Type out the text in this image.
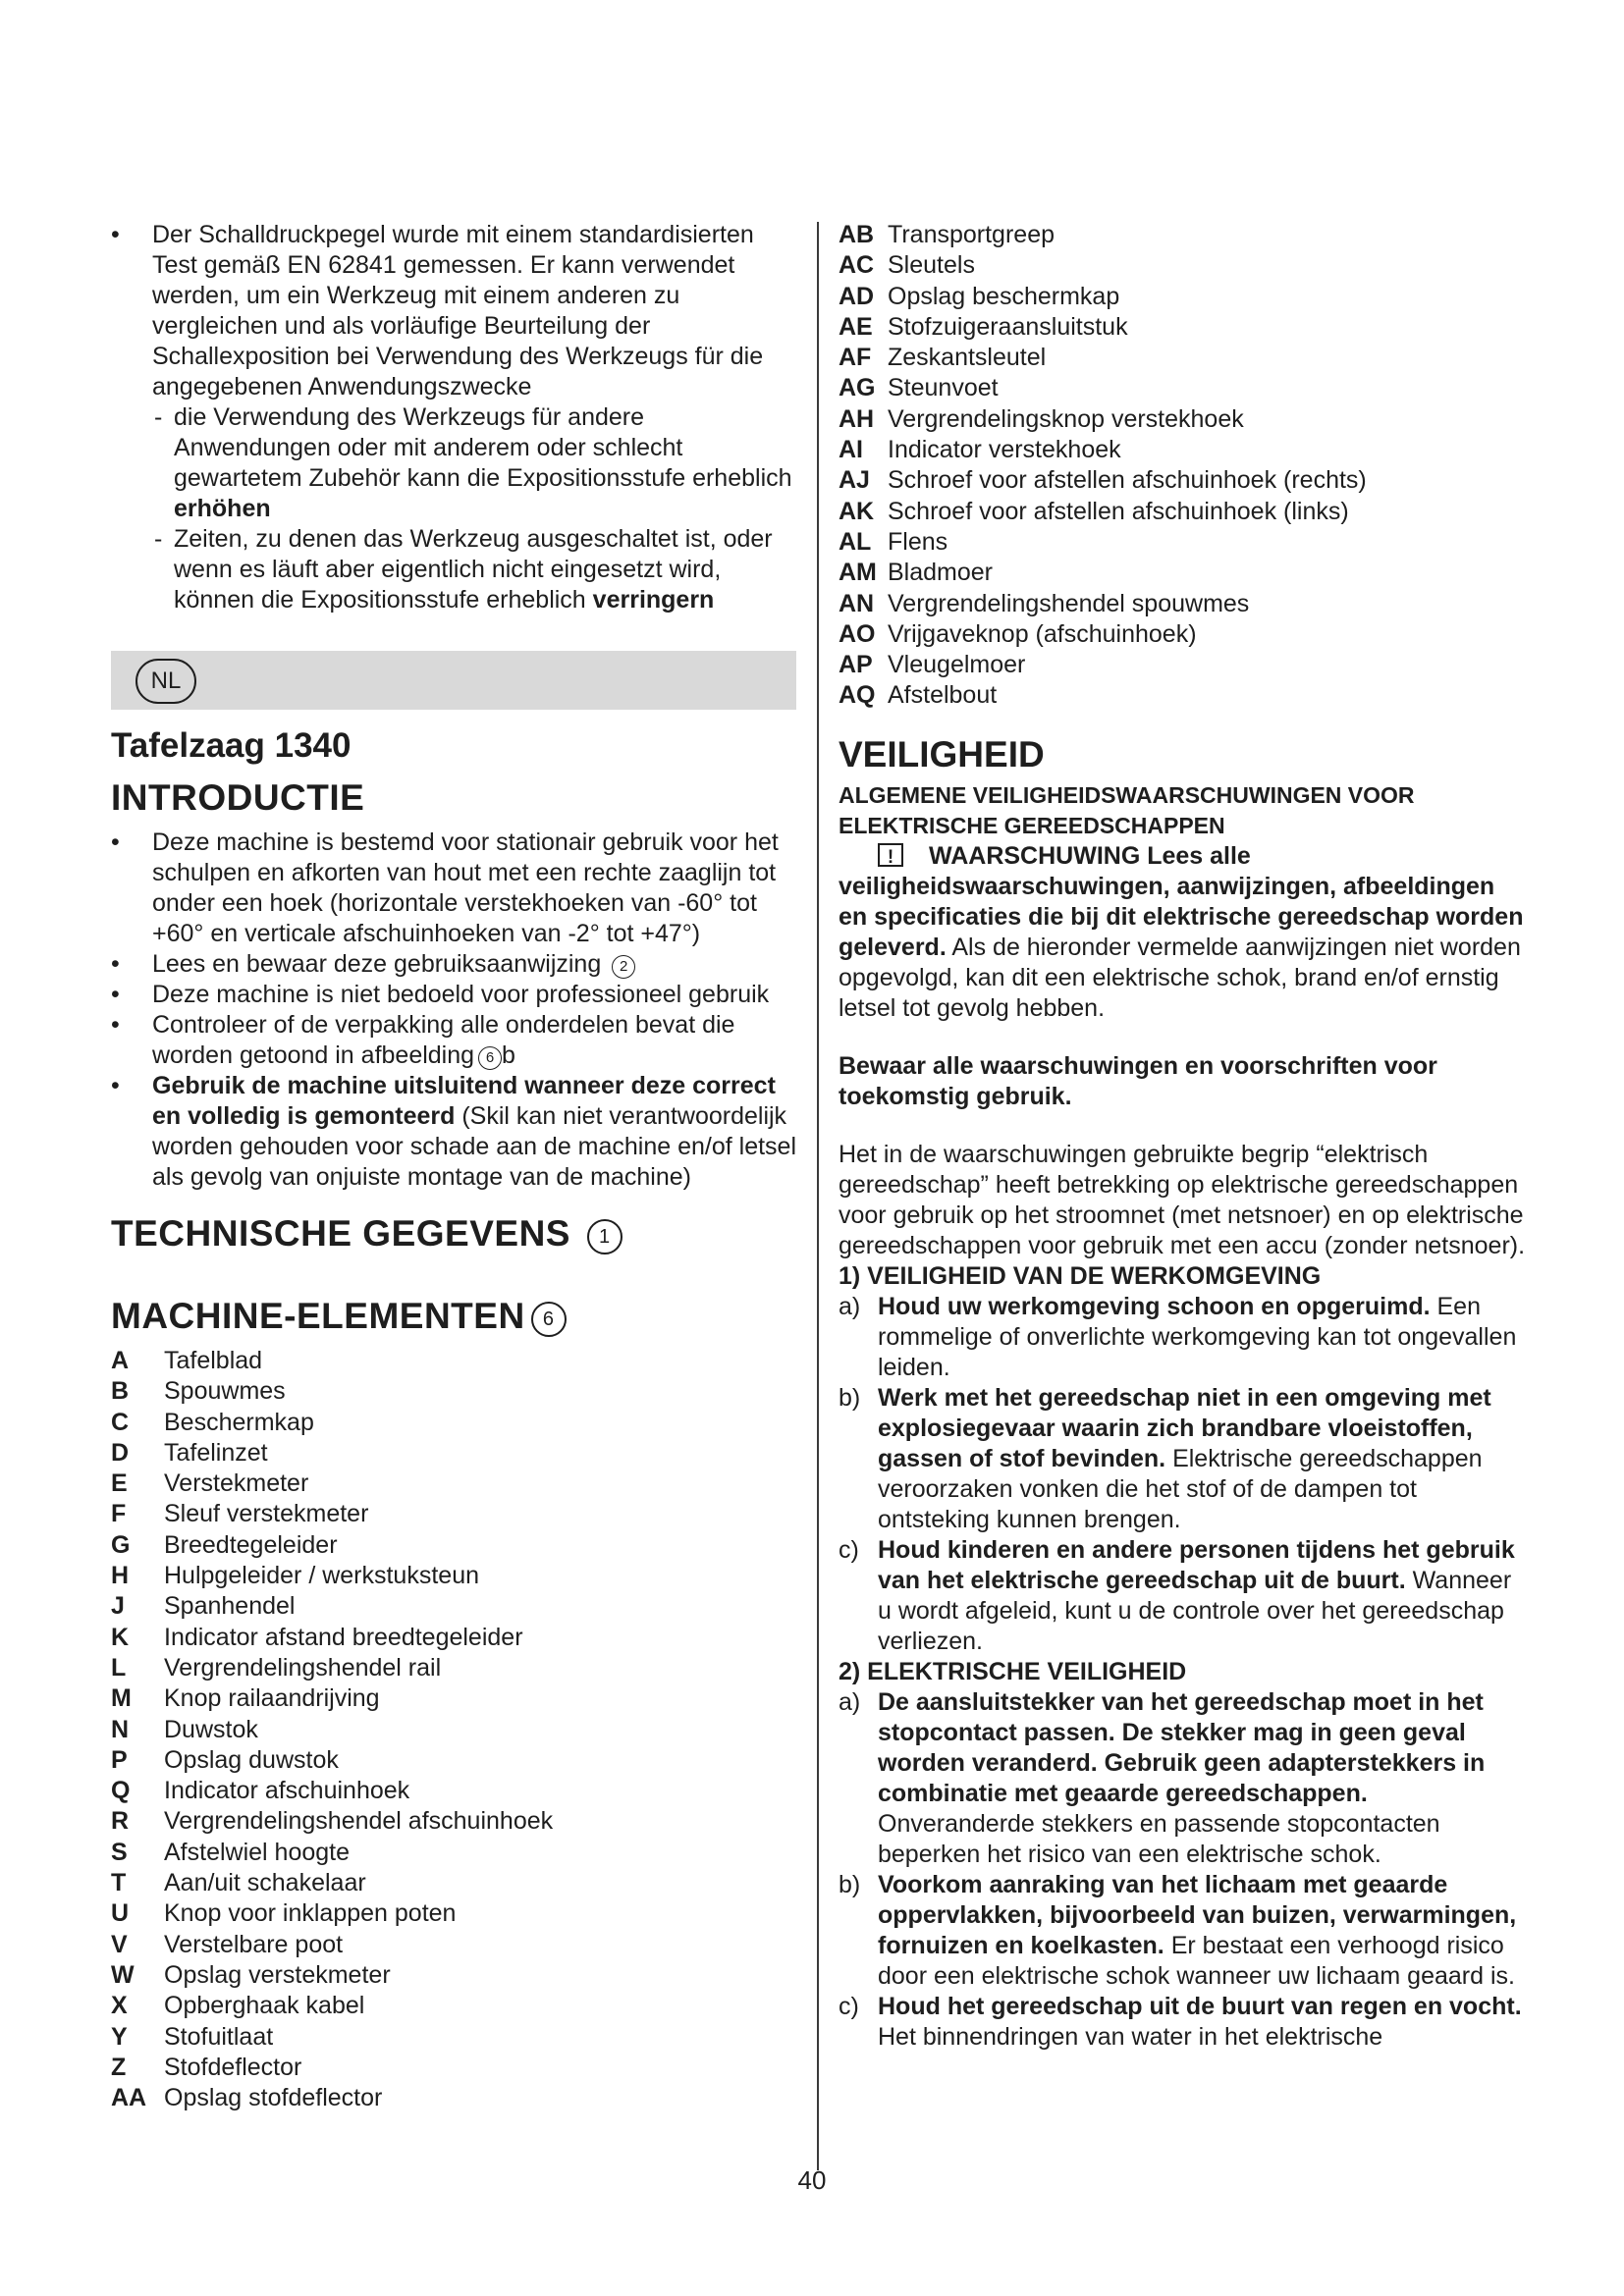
• Der Schalldruckpegel wurde mit einem standardisierten Test gemäß EN 62841 gemessen. Er kann verwendet werden, um ein Werkzeug mit einem anderen zu vergleichen und als vorläufige Beurteilung der Schallexposition bei Verwendung des Werkzeugs für die angegebenen Anwendungszwecke

- die Verwendung des Werkzeugs für andere Anwendungen oder mit anderem oder schlecht gewartetem Zubehör kann die Expositionsstufe erheblich erhöhen

- Zeiten, zu denen das Werkzeug ausgeschaltet ist, oder wenn es läuft aber eigentlich nicht eingesetzt wird, können die Expositionsstufe erheblich verringern

NL
Tafelzaag 1340
INTRODUCTIE

• Deze machine is bestemd voor stationair gebruik voor het schulpen en afkorten van hout met een rechte zaaglijn tot onder een hoek (horizontale verstekhoeken van -60° tot +60° en verticale afschuinhoeken van -2° tot +47°)

• Lees en bewaar deze gebruiksaanwijzing 2

• Deze machine is niet bedoeld voor professioneel gebruik

• Controleer of de verpakking alle onderdelen bevat die worden getoond in afbeelding 6 b

• Gebruik de machine uitsluitend wanneer deze correct en volledig is gemonteerd (Skil kan niet verantwoordelijk worden gehouden voor schade aan de machine en/of letsel als gevolg van onjuiste montage van de machine)

TECHNISCHE GEGEVENS 1
MACHINE-ELEMENTEN 6
A	Tafelblad
B	Spouwmes
C	Beschermkap
D	Tafelinzet
E	Verstekmeter
F	Sleuf verstekmeter
G	Breedtegeleider
H	Hulpgeleider / werkstuksteun
J	Spanhendel
K	Indicator afstand breedtegeleider
L	Vergrendelingshendel rail
M	Knop railaandrijving
N	Duwstok
P	Opslag duwstok
Q	Indicator afschuinhoek
R	Vergrendelingshendel afschuinhoek
S	Afstelwiel hoogte
T	Aan/uit schakelaar
U	Knop voor inklappen poten
V	Verstelbare poot
W	Opslag verstekmeter
X	Opberghaak kabel
Y	Stofuitlaat
Z	Stofdeflector
AA Opslag stofdeflector
AB Transportgreep
AC Sleutels
AD Opslag beschermkap
AE Stofzuigeraansluitstuk
AF Zeskantsleutel
AG Steunvoet
AH Vergrendelingsknop verstekhoek
AI	Indicator verstekhoek
AJ Schroef voor afstellen afschuinhoek (rechts)
AK Schroef voor afstellen afschuinhoek (links)
AL Flens
AM Bladmoer
AN Vergrendelingshendel spouwmes
AO Vrijgaveknop (afschuinhoek)
AP Vleugelmoer
AQ Afstelbout
VEILIGHEID

ALGEMENE VEILIGHEIDSWAARSCHUWINGEN VOOR ELEKTRISCHE GEREEDSCHAPPEN

!WAARSCHUWING Lees alle veiligheidswaarschuwingen, aanwijzingen, afbeeldingen en specificaties die bij dit elektrische gereedschap worden geleverd. Als de hieronder vermelde aanwijzingen niet worden opgevolgd, kan dit een elektrische schok, brand en/of ernstig letsel tot gevolg hebben.

Bewaar alle waarschuwingen en voorschriften voor toekomstig gebruik.

Het in de waarschuwingen gebruikte begrip “elektrisch gereedschap” heeft betrekking op elektrische gereedschappen voor gebruik op het stroomnet (met netsnoer) en op elektrische gereedschappen voor gebruik met een accu (zonder netsnoer).

1) VEILIGHEID VAN DE WERKOMGEVING

a) Houd uw werkomgeving schoon en opgeruimd. Een rommelige of onverlichte werkomgeving kan tot ongevallen leiden.

b) Werk met het gereedschap niet in een omgeving met explosiegevaar waarin zich brandbare vloeistoffen, gassen of stof bevinden. Elektrische gereedschappen veroorzaken vonken die het stof of de dampen tot ontsteking kunnen brengen.

c) Houd kinderen en andere personen tijdens het gebruik van het elektrische gereedschap uit de buurt. Wanneer u wordt afgeleid, kunt u de controle over het gereedschap verliezen.

2) ELEKTRISCHE VEILIGHEID

a) De aansluitstekker van het gereedschap moet in het stopcontact passen. De stekker mag in geen geval worden veranderd. Gebruik geen adapterstekkers in combinatie met geaarde gereedschappen. Onveranderde stekkers en passende stopcontacten beperken het risico van een elektrische schok.

b) Voorkom aanraking van het lichaam met geaarde oppervlakken, bijvoorbeeld van buizen, verwarmingen, fornuizen en koelkasten. Er bestaat een verhoogd risico door een elektrische schok wanneer uw lichaam geaard is.

c) Houd het gereedschap uit de buurt van regen en vocht. Het binnendringen van water in het elektrische

40
